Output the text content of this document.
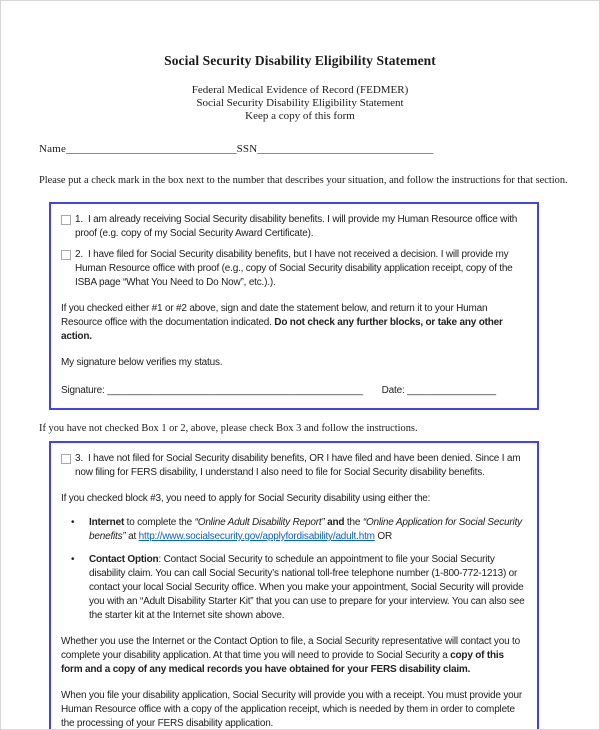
Social Security Disability Eligibility Statement
Federal Medical Evidence of Record (FEDMER)
Social Security Disability Eligibility Statement
Keep a copy of this form
Name_______________________________SSN________________________________
Please put a check mark in the box next to the number that describes your situation, and follow the instructions for that section.
1. I am already receiving Social Security disability benefits. I will provide my Human Resource office with proof (e.g. copy of my Social Security Award Certificate).
2. I have filed for Social Security disability benefits, but I have not received a decision. I will provide my Human Resource office with proof (e.g., copy of Social Security disability application receipt, copy of the ISBA page “What You Need to Do Now”, etc.).).
If you checked either #1 or #2 above, sign and date the statement below, and return it to your Human Resource office with the documentation indicated. Do not check any further blocks, or take any other action.
My signature below verifies my status.
Signature: ______________________________________________ Date: ________________
If you have not checked Box 1 or 2, above, please check Box 3 and follow the instructions.
3. I have not filed for Social Security disability benefits, OR I have filed and have been denied. Since I am now filing for FERS disability, I understand I also need to file for Social Security disability benefits.
If you checked block #3, you need to apply for Social Security disability using either the:
• Internet to complete the “Online Adult Disability Report” and the “Online Application for Social Security benefits” at http://www.socialsecurity.gov/applyfordisability/adult.htm OR
• Contact Option: Contact Social Security to schedule an appointment to file your Social Security disability claim. You can call Social Security’s national toll-free telephone number (1-800-772-1213) or contact your local Social Security office. When you make your appointment, Social Security will provide you with an “Adult Disability Starter Kit” that you can use to prepare for your interview. You can also see the starter kit at the Internet site shown above.
Whether you use the Internet or the Contact Option to file, a Social Security representative will contact you to complete your disability application. At that time you will need to provide to Social Security a copy of this form and a copy of any medical records you have obtained for your FERS disability claim.
When you file your disability application, Social Security will provide you with a receipt. You must provide your Human Resource office with a copy of the application receipt, which is needed by them in order to complete the processing of your FERS disability application.
